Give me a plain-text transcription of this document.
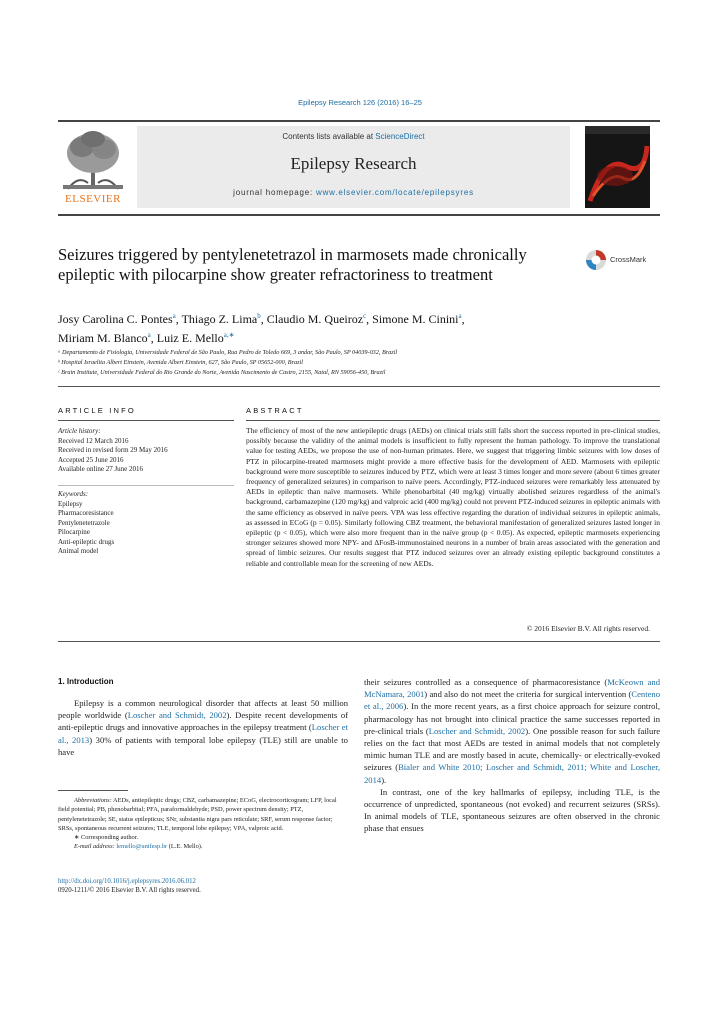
Epilepsy Research 126 (2016) 16–25
ELSEVIER
Contents lists available at ScienceDirect
Epilepsy Research
journal homepage: www.elsevier.com/locate/epilepsyres
Seizures triggered by pentylenetetrazol in marmosets made chronically epileptic with pilocarpine show greater refractoriness to treatment
CrossMark
Josy Carolina C. Pontes$^a$, Thiago Z. Lima$^b$, Claudio M. Queiroz$^c$, Simone M. Cinini$^a$,
Miriam M. Blanco$^a$, Luiz E. Mello$^{a,∗}$
ᵃ Departamento de Fisiologia, Universidade Federal de São Paulo, Rua Pedro de Toledo 669, 3 andar, São Paulo, SP 04039-032, Brazil
ᵇ Hospital Israelita Albert Einstein, Avenida Albert Einstein, 627, São Paulo, SP 05652-000, Brazil
ᶜ Brain Institute, Universidade Federal do Rio Grande do Norte, Avenida Nascimento de Castro, 2155, Natal, RN 59056-450, Brazil
ARTICLE INFO	ABSTRACT
Article history:
Received 12 March 2016
Received in revised form 29 May 2016
Accepted 25 June 2016
Available online 27 June 2016
Keywords:
Epilepsy
Pharmacoresistance
Pentylenetetrazole
Pilocarpine
Anti-epileptic drugs
Animal model
The efficiency of most of the new antiepileptic drugs (AEDs) on clinical trials still falls short the success reported in pre-clinical studies, possibly because the validity of the animal models is insufficient to fully represent the human pathology. To improve the translational value for testing AEDs, we propose the use of non-human primates. Here, we suggest that triggering limbic seizures with low doses of PTZ in pilocarpine-treated marmosets might provide a more effective basis for the development of AED. Marmosets with epileptic background were more susceptible to seizures induced by PTZ, which were at least 3 times longer and more severe (about 6 times greater frequency of generalized seizures) in comparison to naïve peers. Accordingly, PTZ-induced seizures were remarkably less attenuated by AEDs in epileptic than naïve marmosets. While phenobarbital (40 mg/kg) virtually abolished seizures regardless of the animal's background, carbamazepine (120 mg/kg) and valproic acid (400 mg/kg) could not prevent PTZ-induced seizures in epileptic animals with the same efficiency as observed in naïve peers. VPA was less effective regarding the duration of individual seizures in epileptic animals, as assessed in ECoG (p = 0.05). Similarly following CBZ treatment, the behavioral manifestation of generalized seizures lasted longer in epileptic (p < 0.05), which were also more frequent than in the naïve group (p < 0.05). As expected, epileptic marmosets experiencing stronger seizures showed more NPY- and ΔFosB-immunostained neurons in a number of brain areas associated with the generation and spread of limbic seizures. Our results suggest that PTZ induced seizures over an already existing epileptic background constitutes a reliable and controllable mean for the screening of new AEDs.
© 2016 Elsevier B.V. All rights reserved.
1. Introduction

Epilepsy is a common neurological disorder that affects at least 50 million people worldwide (Loscher and Schmidt, 2002). Despite recent developments of anti-epileptic drugs and innovative approaches in the epilepsy treatment (Loscher et al., 2013) 30% of patients with temporal lobe epilepsy (TLE) still are unable to have

their seizures controlled as a consequence of pharmacoresistance (McKeown and McNamara, 2001) and also do not meet the criteria for surgical intervention (Centeno et al., 2006). In the more recent years, as a first choice approach for seizure control, pharmacology has not brought into clinical practice the same successes reported in pre-clinical trials (Loscher and Schmidt, 2002). One possible reason for such failure relies on the fact that most AEDs are tested in animal models that not completely mimic human TLE and are mostly based in acute, chemically- or electrically-evoked seizures (Bialer and White 2010; Loscher and Schmidt, 2011; White and Loscher, 2014).

In contrast, one of the key hallmarks of epilepsy, including TLE, is the occurrence of unpredicted, spontaneous (not evoked) and recurrent seizures (SRSs). In animal models of TLE, spontaneous seizures are often observed in the chronic phase that ensues

Abbreviations: AEDs, antiepileptic drugs; CBZ, carbamazepine; ECoG, electrocorticogram; LFP, local field potential; PB, phenobarbital; PFA, paraformaldehyde; PSD, power spectrum density; PTZ, pentylenetetrazole; SE, status epilepticus; SNr, substantia nigra pars reticulate; SRF, serum response factor; SRSs, spontaneous recurrent seizures; TLE, temporal lobe epilepsy; VPA, valproic acid.
∗ Corresponding author.
E-mail address: lemello@unifesp.br (L.E. Mello).
http://dx.doi.org/10.1016/j.eplepsyres.2016.06.012
0920-1211/© 2016 Elsevier B.V. All rights reserved.
